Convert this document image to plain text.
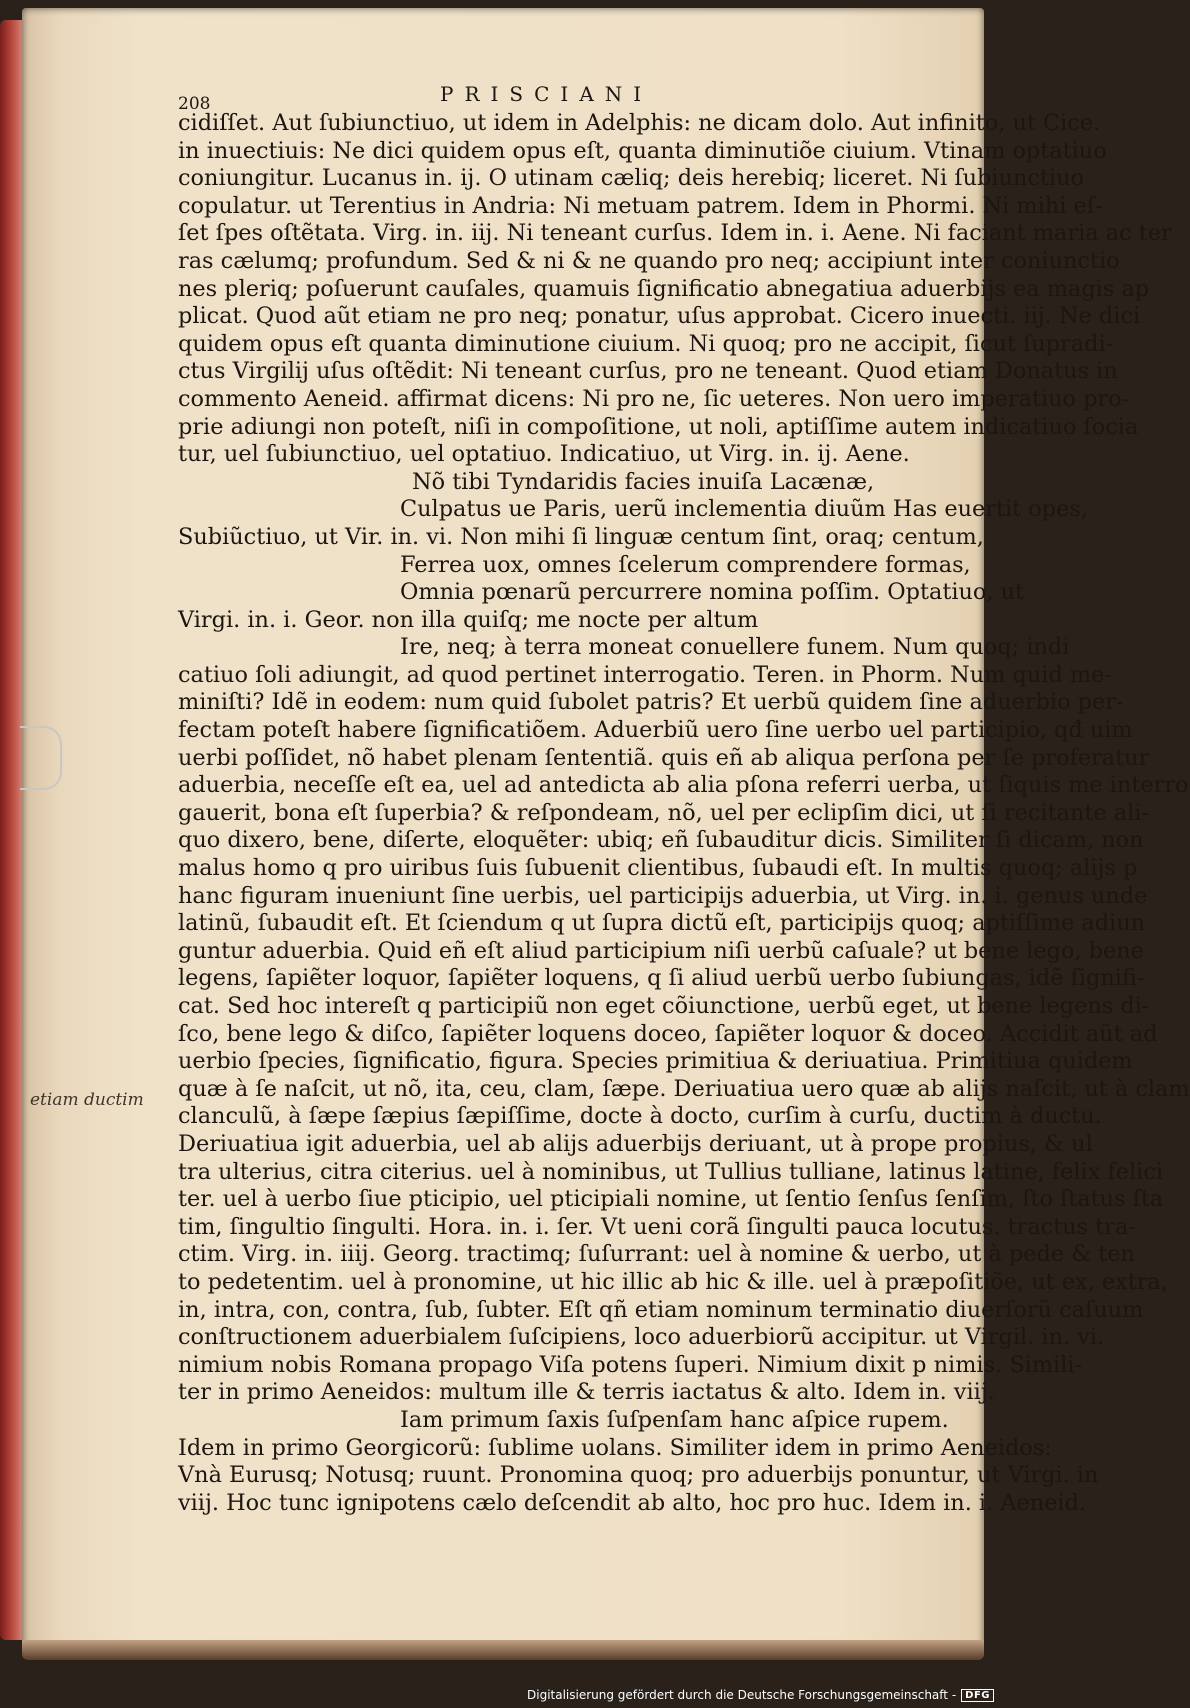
208	PRISCIANI
etiam ductim
cidiſſet. Aut ſubiunctiuo, ut idem in Adelphis: ne dicam dolo. Aut infinito, ut Cice.
in inuectiuis: Ne dici quidem opus eſt, quanta diminutiõe ciuium. Vtinam optatiuo
coniungitur. Lucanus in. ij. O utinam cæliq; deis herebiq; liceret. Ni ſubiunctiuo
copulatur. ut Terentius in Andria: Ni metuam patrem. Idem in Phormi. Ni mihi eſ-
ſet ſpes oſtẽtata. Virg. in. iij. Ni teneant curſus. Idem in. i. Aene. Ni faciant maria ac ter
ras cælumq; profundum. Sed & ni & ne quando pro neq; accipiunt inter coniunctio
nes pleriq; poſuerunt cauſales, quamuis ſignificatio abnegatiua aduerbijs ea magis ap
plicat. Quod aũt etiam ne pro neq; ponatur, uſus approbat. Cicero inuecti. iij. Ne dici
quidem opus eſt quanta diminutione ciuium. Ni quoq; pro ne accipit, ſicut ſupradi-
ctus Virgilij uſus oſtẽdit: Ni teneant curſus, pro ne teneant. Quod etiam Donatus in
commento Aeneid. affirmat dicens: Ni pro ne, ſic ueteres. Non uero imperatiuo pro-
prie adiungi non poteſt, niſi in compoſitione, ut noli, aptiſſime autem indicatiuo ſocia
tur, uel ſubiunctiuo, uel optatiuo. Indicatiuo, ut Virg. in. ij. Aene.
Nõ tibi Tyndaridis facies inuiſa Lacænæ,
Culpatus ue Paris, uerũ inclementia diuũm Has euertit opes,
Subiũctiuo, ut Vir. in. vi. Non mihi ſi linguæ centum ſint, oraq; centum,
Ferrea uox, omnes ſcelerum comprendere formas,
Omnia pœnarũ percurrere nomina poſſim. Optatiuo, ut
Virgi. in. i. Geor. non illa quiſq; me nocte per altum
Ire, neq; à terra moneat conuellere funem. Num quoq; indi
catiuo ſoli adiungit, ad quod pertinet interrogatio. Teren. in Phorm. Num quid me-
miniſti? Idẽ in eodem: num quid ſubolet patris? Et uerbũ quidem ſine aduerbio per-
fectam poteſt habere ſignificatiõem. Aduerbiũ uero ſine uerbo uel participio, qđ uim
uerbi poſſidet, nõ habet plenam ſententiã. quis eñ ab aliqua perſona per ſe proferatur
aduerbia, neceſſe eſt ea, uel ad antedicta ab alia pſona referri uerba, ut ſiquis me interro
gauerit, bona eſt ſuperbia? & reſpondeam, nõ, uel per eclipſim dici, ut ſi recitante ali-
quo dixero, bene, diſerte, eloquẽter: ubiq; eñ ſubauditur dicis. Similiter ſi dicam, non
malus homo q pro uiribus ſuis ſubuenit clientibus, ſubaudi eſt. In multis quoq; alijs p
hanc figuram inueniunt ſine uerbis, uel participijs aduerbia, ut Virg. in. i. genus unde
latinũ, ſubaudit eſt. Et ſciendum q ut ſupra dictũ eſt, participijs quoq; aptiſſime adiun
guntur aduerbia. Quid eñ eſt aliud participium niſi uerbũ caſuale? ut bene lego, bene
legens, ſapiẽter loquor, ſapiẽter loquens, q ſi aliud uerbũ uerbo ſubiungas, idẽ ſignifi-
cat. Sed hoc intereſt q participiũ non eget cõiunctione, uerbũ eget, ut bene legens di-
ſco, bene lego & diſco, ſapiẽter loquens doceo, ſapiẽter loquor & doceo. Accidit aũt ad
uerbio ſpecies, ſignificatio, figura. Species primitiua & deriuatiua. Primitiua quidem
quæ à ſe naſcit, ut nõ, ita, ceu, clam, ſæpe. Deriuatiua uero quæ ab alijs naſcit, ut à clam
clanculũ, à ſæpe ſæpius ſæpiſſime, docte à docto, curſim à curſu, ductim à ductu.
Deriuatiua igit aduerbia, uel ab alijs aduerbijs deriuant, ut à prope propius, & ul
tra ulterius, citra citerius. uel à nominibus, ut Tullius tulliane, latinus latine, felix felici
ter. uel à uerbo ſiue pticipio, uel pticipiali nomine, ut ſentio ſenſus ſenſim, ſto ſtatus ſta
tim, ſingultio ſingulti. Hora. in. i. ſer. Vt ueni corã ſingulti pauca locutus. tractus tra-
ctim. Virg. in. iiij. Georg. tractimq; ſuſurrant: uel à nomine & uerbo, ut à pede & ten
to pedetentim. uel à pronomine, ut hic illic ab hic & ille. uel à præpoſitiõe, ut ex, extra,
in, intra, con, contra, ſub, ſubter. Eſt qñ etiam nominum terminatio diuerſorũ caſuum
conſtructionem aduerbialem ſuſcipiens, loco aduerbiorũ accipitur. ut Virgil. in. vi.
nimium nobis Romana propago Viſa potens ſuperi. Nimium dixit p nimis. Simili-
ter in primo Aeneidos: multum ille & terris iactatus & alto. Idem in. viij.
Iam primum ſaxis ſuſpenſam hanc aſpice rupem.
Idem in primo Georgicorũ: ſublime uolans. Similiter idem in primo Aeneidos:
Vnà Eurusq; Notusq; ruunt. Pronomina quoq; pro aduerbijs ponuntur, ut Virgi. in
viij. Hoc tunc ignipotens cælo deſcendit ab alto, hoc pro huc. Idem in. i. Aeneid.
Digitalisierung gefördert durch die Deutsche Forschungsgemeinschaft - DFG
